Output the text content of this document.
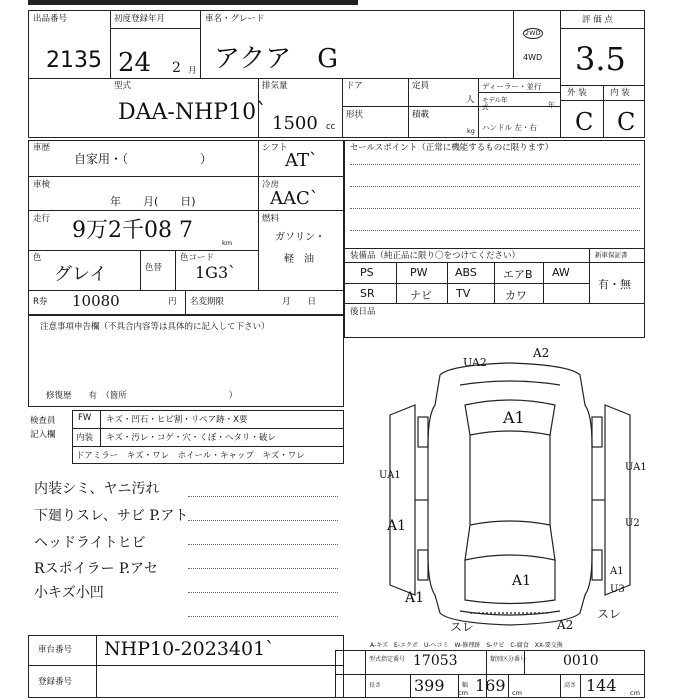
出品番号
2135
初度登録年月
24 2 月
車名・グレード
アクア　G
2WD
4WD
評 価 点
3.5
外 装	内 装
C C
型式
DAA-NHP10`
排気量
1500 cc
ドア	定員
人
形状	積載
kg
ディーラー・並行
モデル年式	年
ハンドル 左・右
車歴
自家用・（　　　　　　）
シフト
AT`
車検
年　　月(　　日)
冷房
AAC`
走行 9万2千08 7	km
燃料
ガソリン・
軽　油
色
グレイ	色替
色コード
1G3`
R券 10080	円 名変期限	月　　日
セールスポイント（正常に機能するものに限ります）
装備品（純正品に限り〇をつけてください）	新車保証書
PS	PW ABS エアB AW
SR	ナビ TV	カワ
有・無
後日品
注意事項申告欄（不具合内容等は具体的に記入して下さい）
修復歴　　有　（箇所　　　　　　　　　　　　）
検査員
記入欄
FW キズ・凹石・ヒビ割・リペア跡・X要
内装 キズ・汚レ・コゲ・穴・くぼ・ヘタリ・破レ
ドアミラー　キズ・ワレ　ホイール・キャップ　キズ・ワレ
内装シミ、ヤニ汚れ
下廻りスレ、サビ P.アト
ヘッドライトヒビ
Rスポイラー P.アセ
小キズ小凹
UA2
A2
A1
UA1
UA1
A1	U2
A1
A1
A1
U3
スレ
A2
スレ
A-キズ　E-エクボ　U-ヘコミ　W-修理跡　S-サビ　C-腐食　XX-要交換
車台番号 NHP10-2023401`
登録番号
型式指定番号 17053	類別区分番号	0010
長さ 399 cm
幅 169 cm
高さ 144 cm
